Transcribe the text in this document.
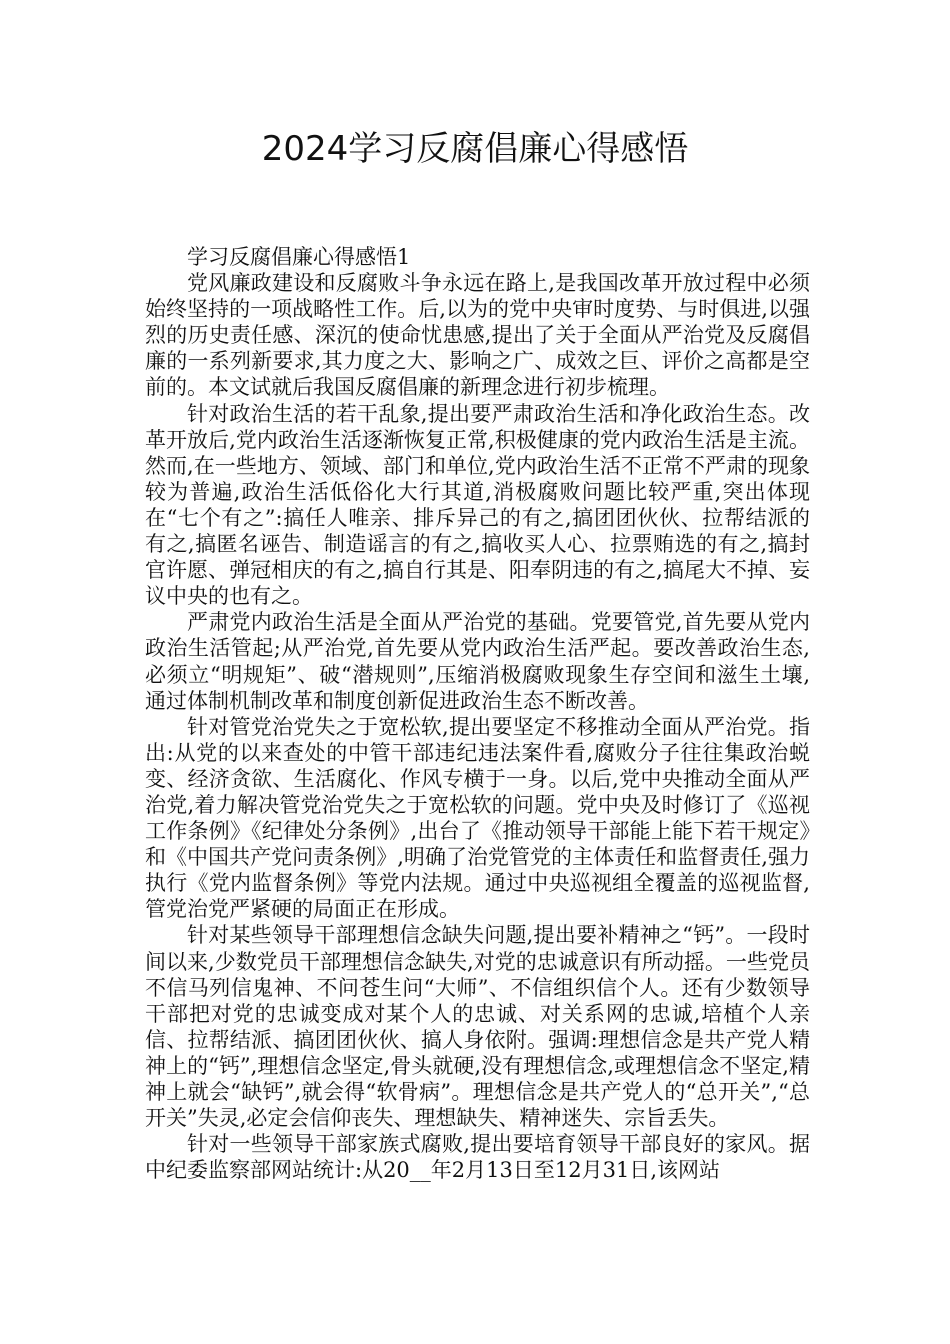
2024学习反腐倡廉心得感悟

学习反腐倡廉心得感悟1

党风廉政建设和反腐败斗争永远在路上,是我国改革开放过程中必须始终坚持的一项战略性工作。后,以为的党中央审时度势、与时俱进,以强烈的历史责任感、深沉的使命忧患感,提出了关于全面从严治党及反腐倡廉的一系列新要求,其力度之大、影响之广、成效之巨、评价之高都是空前的。本文试就后我国反腐倡廉的新理念进行初步梳理。

针对政治生活的若干乱象,提出要严肃政治生活和净化政治生态。改革开放后,党内政治生活逐渐恢复正常,积极健康的党内政治生活是主流。然而,在一些地方、领域、部门和单位,党内政治生活不正常不严肃的现象较为普遍,政治生活低俗化大行其道,消极腐败问题比较严重,突出体现在“七个有之”:搞任人唯亲、排斥异己的有之,搞团团伙伙、拉帮结派的有之,搞匿名诬告、制造谣言的有之,搞收买人心、拉票贿选的有之,搞封官许愿、弹冠相庆的有之,搞自行其是、阳奉阴违的有之,搞尾大不掉、妄议中央的也有之。

严肃党内政治生活是全面从严治党的基础。党要管党,首先要从党内政治生活管起;从严治党,首先要从党内政治生活严起。要改善政治生态,必须立“明规矩”、破“潜规则”,压缩消极腐败现象生存空间和滋生土壤,通过体制机制改革和制度创新促进政治生态不断改善。

针对管党治党失之于宽松软,提出要坚定不移推动全面从严治党。指出:从党的以来查处的中管干部违纪违法案件看,腐败分子往往集政治蜕变、经济贪欲、生活腐化、作风专横于一身。以后,党中央推动全面从严治党,着力解决管党治党失之于宽松软的问题。党中央及时修订了《巡视工作条例》《纪律处分条例》,出台了《推动领导干部能上能下若干规定》和《中国共产党问责条例》,明确了治党管党的主体责任和监督责任,强力执行《党内监督条例》等党内法规。通过中央巡视组全覆盖的巡视监督,管党治党严紧硬的局面正在形成。

针对某些领导干部理想信念缺失问题,提出要补精神之“钙”。一段时间以来,少数党员干部理想信念缺失,对党的忠诚意识有所动摇。一些党员不信马列信鬼神、不问苍生问“大师”、不信组织信个人。还有少数领导干部把对党的忠诚变成对某个人的忠诚、对关系网的忠诚,培植个人亲信、拉帮结派、搞团团伙伙、搞人身依附。强调:理想信念是共产党人精神上的“钙”,理想信念坚定,骨头就硬,没有理想信念,或理想信念不坚定,精神上就会“缺钙”,就会得“软骨病”。理想信念是共产党人的“总开关”,“总开关”失灵,必定会信仰丧失、理想缺失、精神迷失、宗旨丢失。

针对一些领导干部家族式腐败,提出要培育领导干部良好的家风。据中纪委监察部网站统计:从20__年2月13日至12月31日,该网站
